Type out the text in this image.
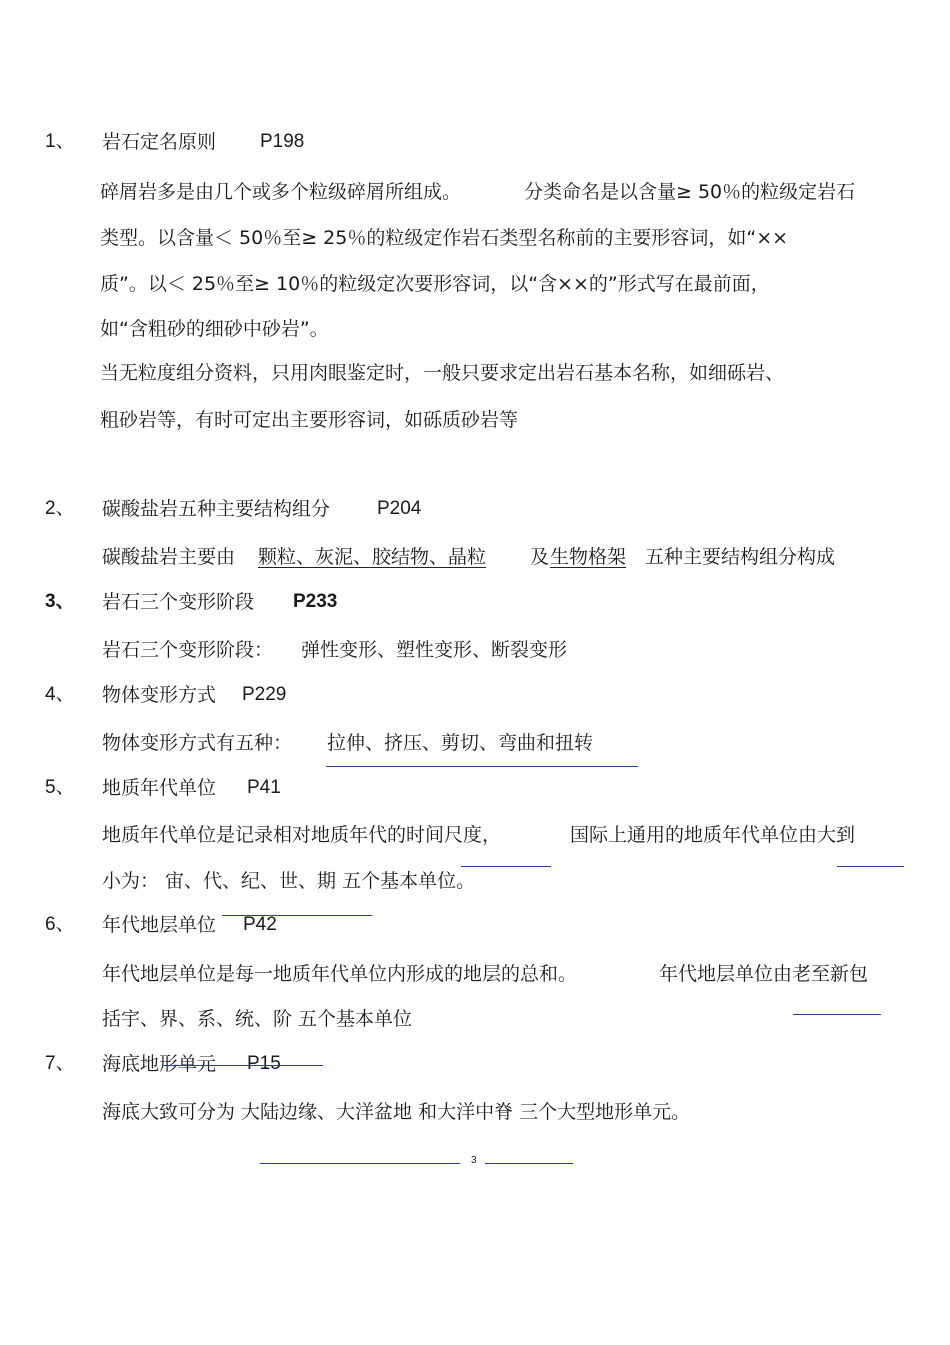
1、 岩石定名原则 P198
碎屑岩多是由几个或多个粒级碎屑所组成。	分类命名是以含量≥ 50％的粒级定岩石
类型。以含量＜ 50％至≥ 25％的粒级定作岩石类型名称前的主要形容词，如“××
质”。以＜ 25％至≥ 10％的粒级定次要形容词，以“含××的”形式写在最前面，
如“含粗砂的细砂中砂岩”。
当无粒度组分资料，只用肉眼鉴定时，一般只要求定出岩石基本名称，如细砾岩、
粗砂岩等，有时可定出主要形容词，如砾质砂岩等
2、 碳酸盐岩五种主要结构组分 P204
碳酸盐岩主要由 颗粒、灰泥、胶结物、晶粒 及 生物格架 五种主要结构组分构成
3、 岩石三个变形阶段 P233
岩石三个变形阶段： 弹性变形、塑性变形、断裂变形
4、 物体变形方式 P229
物体变形方式有五种： 拉伸、挤压、剪切、弯曲和扭转
5、 地质年代单位 P41
地质年代单位是记录相对地质年代的时间尺度，	国际上通用的地质年代单位由大到
小为： 宙、代、纪、世、期 五个基本单位。
6、 年代地层单位 P42
年代地层单位是每一地质年代单位内形成的地层的总和。	年代地层单位由老至新包
括宇、界、系、统、阶 五个基本单位
7、 海底地形单元 P15
海底大致可分为 大陆边缘、大洋盆地 和大洋中脊 三个大型地形单元。
3
